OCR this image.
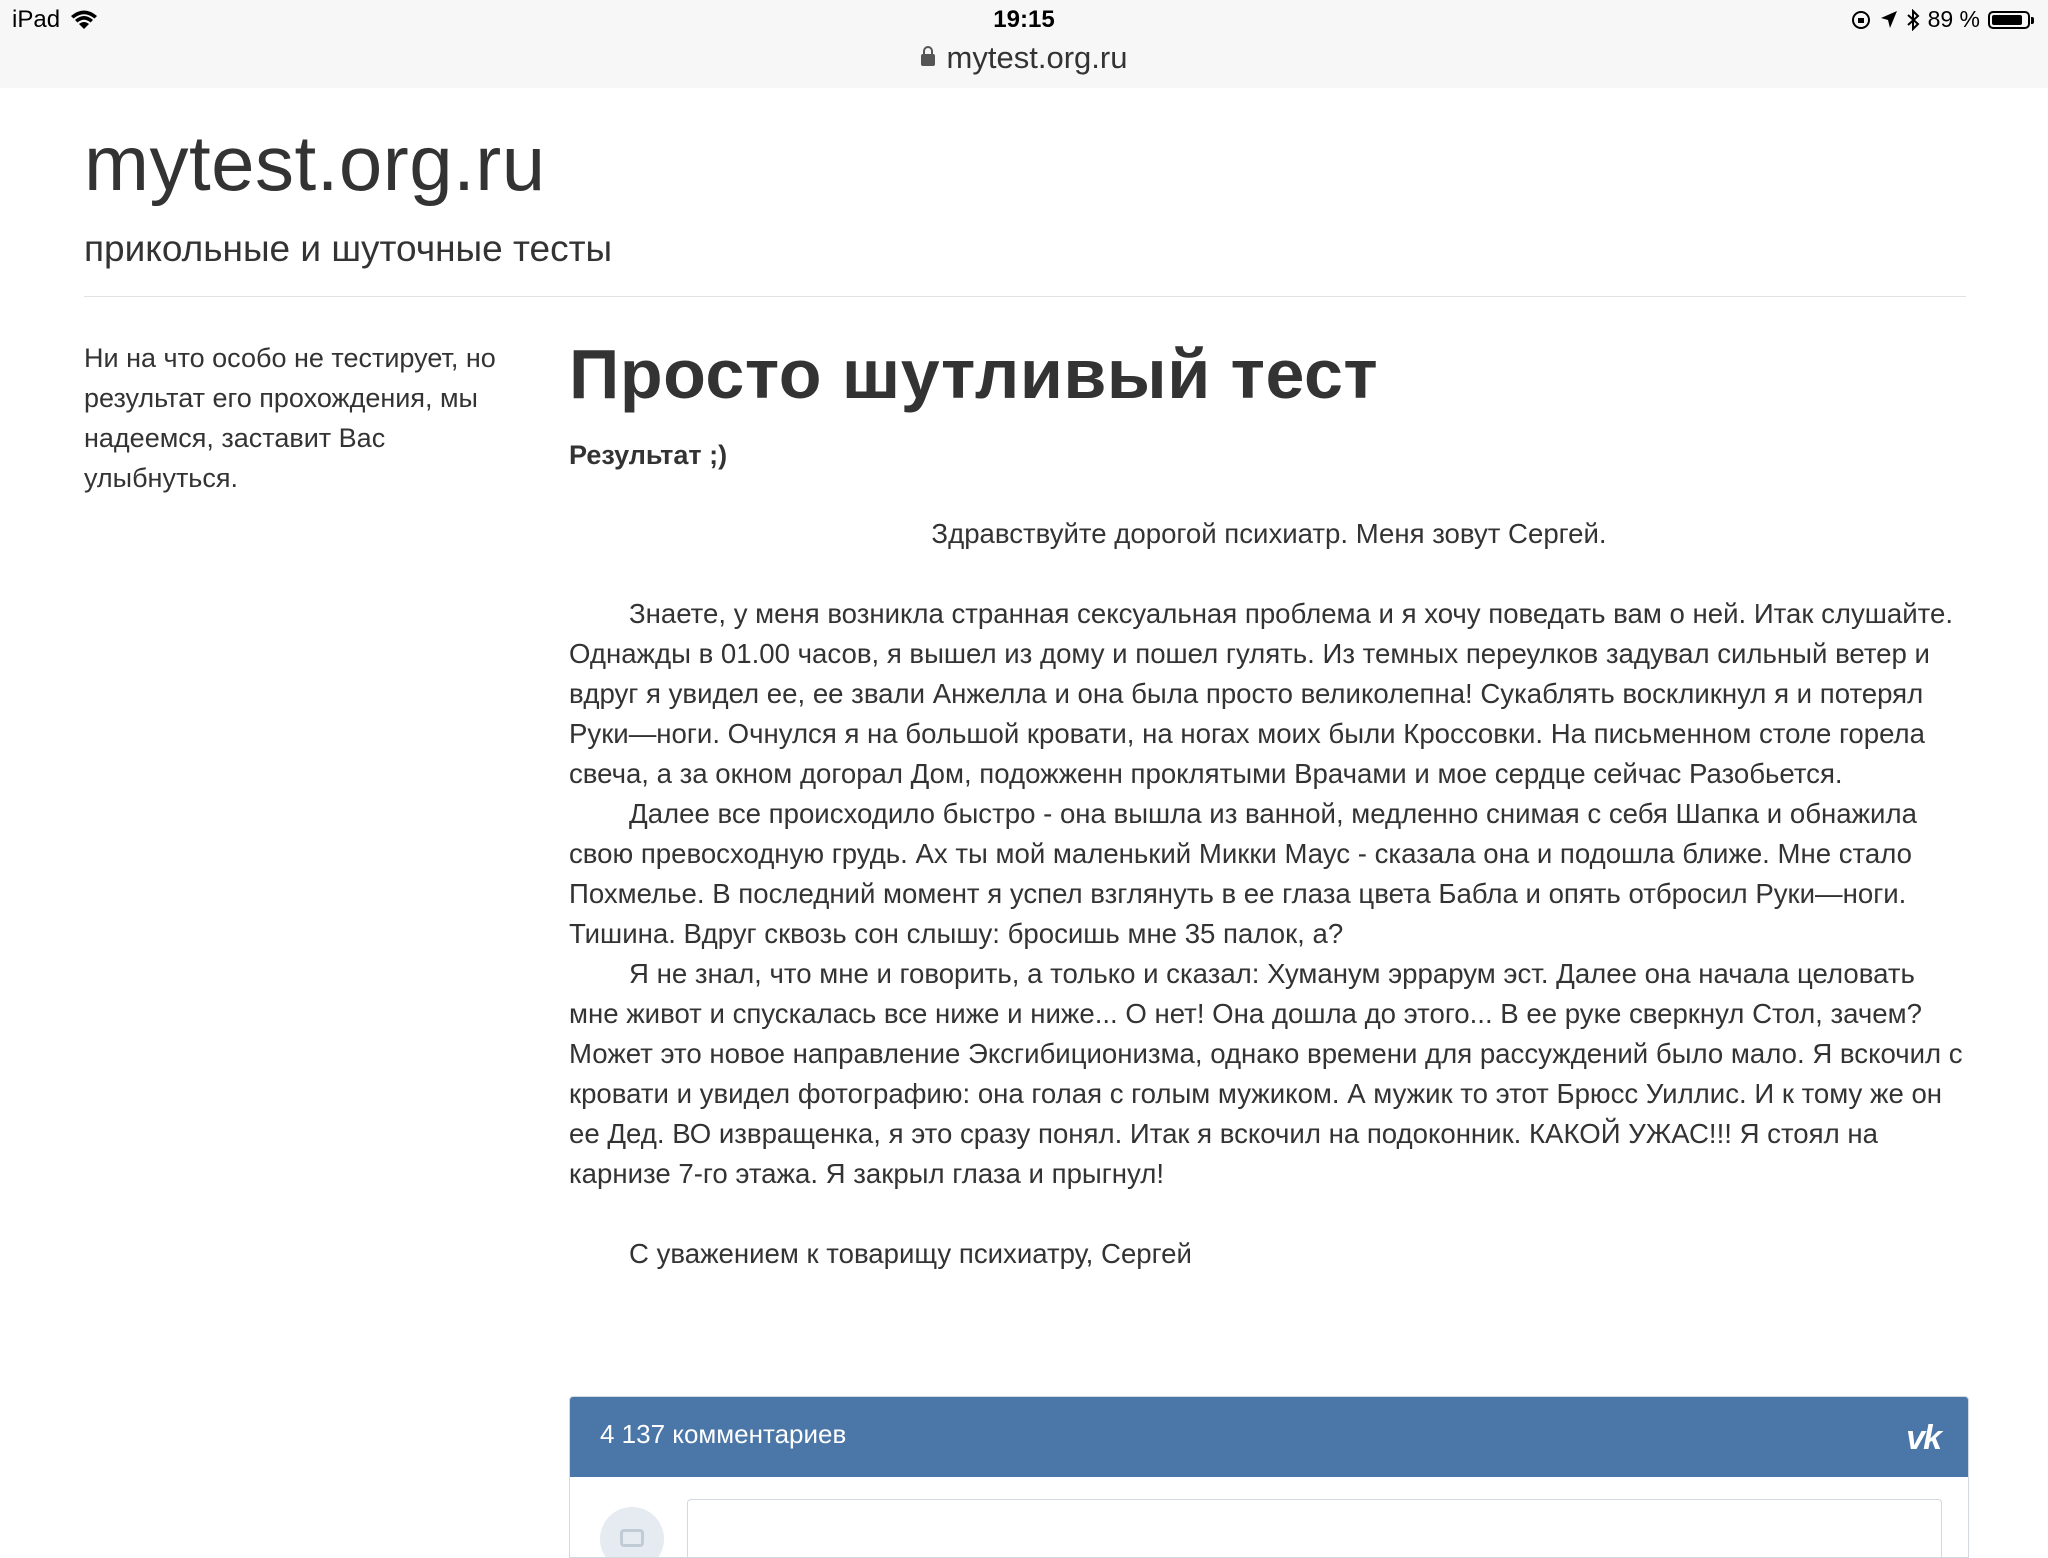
iPad	19:15	89 %
mytest.org.ru
mytest.org.ru
прикольные и шуточные тесты
Ни на что особо не тестирует, но результат его прохождения, мы надеемся, заставит Вас улыбнуться.
Просто шутливый тест
Результат ;)

Здравствуйте дорогой психиатр. Меня зовут Сергей.

Знаете, у меня возникла странная сексуальная проблема и я хочу поведать вам о ней. Итак слушайте. Однажды в 01.00 часов, я вышел из дому и пошел гулять. Из темных переулков задувал сильный ветер и вдруг я увидел ее, ее звали Анжелла и она была просто великолепна! Сукаблять воскликнул я и потерял Руки—ноги. Очнулся я на большой кровати, на ногах моих были Кроссовки. На письменном столе горела свеча, а за окном догорал Дом, подожженн проклятыми Врачами и мое сердце сейчас Разобьется.

Далее все происходило быстро - она вышла из ванной, медленно снимая с себя Шапка и обнажила свою превосходную грудь. Ах ты мой маленький Микки Маус - сказала она и подошла ближе. Мне стало Похмелье. В последний момент я успел взглянуть в ее глаза цвета Бабла и опять отбросил Руки—ноги. Тишина. Вдруг сквозь сон слышу: бросишь мне 35 палок, а?

Я не знал, что мне и говорить, а только и сказал: Хуманум эррарум эст. Далее она начала целовать мне живот и спускалась все ниже и ниже... О нет! Она дошла до этого... В ее руке сверкнул Стол, зачем? Может это новое направление Эксгибиционизма, однако времени для рассуждений было мало. Я вскочил с кровати и увидел фотографию: она голая с голым мужиком. А мужик то этот Брюсс Уиллис. И к тому же он ее Дед. ВО извращенка, я это сразу понял. Итак я вскочил на подоконник. КАКОЙ УЖАС!!! Я стоял на карнизе 7-го этажа. Я закрыл глаза и прыгнул!

С уважением к товарищу психиатру, Сергей

4 137 комментариев	vk
